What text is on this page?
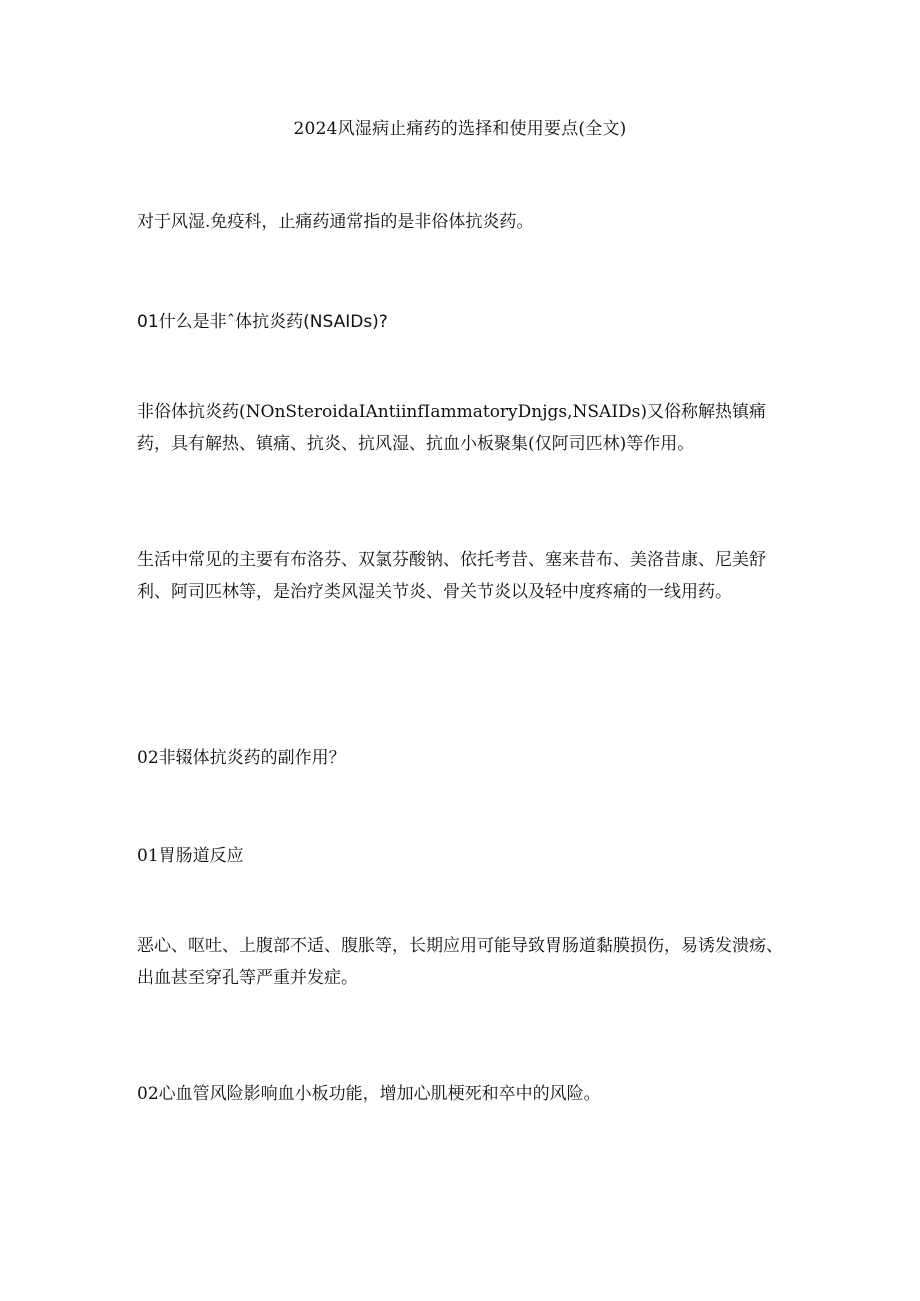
2024风湿病止痛药的选择和使用要点(全文)

对于风湿.免疫科，止痛药通常指的是非俗体抗炎药。

01什么是非ˆ体抗炎药(NSAIDs)?

非俗体抗炎药(NOnSteroidaIAntiinfIammatoryDnjgs,NSAIDs)又俗称解热镇痛药，具有解热、镇痛、抗炎、抗风湿、抗血小板聚集(仅阿司匹林)等作用。

生活中常见的主要有布洛芬、双氯芬酸钠、依托考昔、塞来昔布、美洛昔康、尼美舒利、阿司匹林等，是治疗类风湿关节炎、骨关节炎以及轻中度疼痛的一线用药。

02非辍体抗炎药的副作用？

01胃肠道反应

恶心、呕吐、上腹部不适、腹胀等，长期应用可能导致胃肠道黏膜损伤，易诱发溃疡、出血甚至穿孔等严重并发症。

02心血管风险影响血小板功能，增加心肌梗死和卒中的风险。
